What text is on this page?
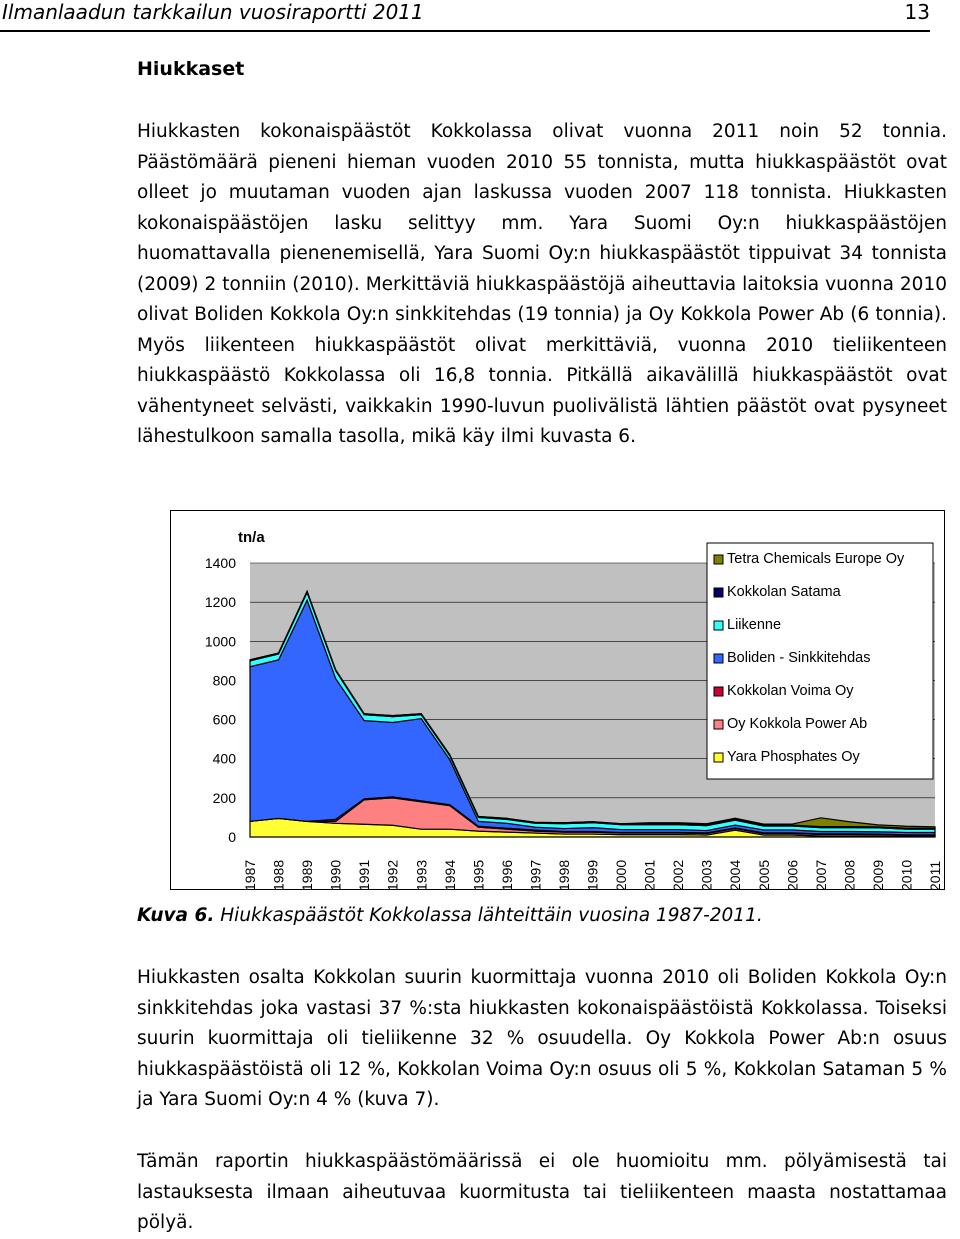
Ilmanlaadun tarkkailun vuosiraportti 2011	13
Hiukkaset
Hiukkasten kokonaispäästöt Kokkolassa olivat vuonna 2011 noin 52 tonnia. Päästömäärä pieneni hieman vuoden 2010 55 tonnista, mutta hiukkaspäästöt ovat olleet jo muutaman vuoden ajan laskussa vuoden 2007 118 tonnista. Hiukkasten kokonaispäästöjen lasku selittyy mm. Yara Suomi Oy:n hiukkaspäästöjen huomattavalla pienenemisellä, Yara Suomi Oy:n hiukkaspäästöt tippuivat 34 tonnista (2009) 2 tonniin (2010). Merkittäviä hiukkaspäästöjä aiheuttavia laitoksia vuonna 2010 olivat Boliden Kokkola Oy:n sinkkitehdas (19 tonnia) ja Oy Kokkola Power Ab (6 tonnia). Myös liikenteen hiukkaspäästöt olivat merkittäviä, vuonna 2010 tieliikenteen hiukkaspäästö Kokkolassa oli 16,8 tonnia. Pitkällä aikavälillä hiukkaspäästöt ovat vähentyneet selvästi, vaikkakin 1990-luvun puolivälistä lähtien päästöt ovat pysyneet lähestulkoon samalla tasolla, mikä käy ilmi kuvasta 6.
0
200
400
600
800
1000
1200
1400
tn/a
1987 1988 1989 1990 1991 1992 1993 1994 1995 1996 1997 1998 1999 2000 2001 2002 2003 2004 2005 2006 2007 2008 2009 2010 2011
Tetra Chemicals Europe Oy
Kokkolan Satama
Liikenne
Boliden - Sinkkitehdas
Kokkolan Voima Oy
Oy Kokkola Power Ab
Yara Phosphates Oy
Kuva 6. Hiukkaspäästöt Kokkolassa lähteittäin vuosina 1987-2011.
Hiukkasten osalta Kokkolan suurin kuormittaja vuonna 2010 oli Boliden Kokkola Oy:n sinkkitehdas joka vastasi 37 %:sta hiukkasten kokonaispäästöistä Kokkolassa. Toiseksi suurin kuormittaja oli tieliikenne 32 % osuudella. Oy Kokkola Power Ab:n osuus hiukkaspäästöistä oli 12 %, Kokkolan Voima Oy:n osuus oli 5 %, Kokkolan Sataman 5 % ja Yara Suomi Oy:n 4 % (kuva 7).
Tämän raportin hiukkaspäästömäärissä ei ole huomioitu mm. pölyämisestä tai lastauksesta ilmaan aiheutuvaa kuormitusta tai tieliikenteen maasta nostattamaa pölyä.
